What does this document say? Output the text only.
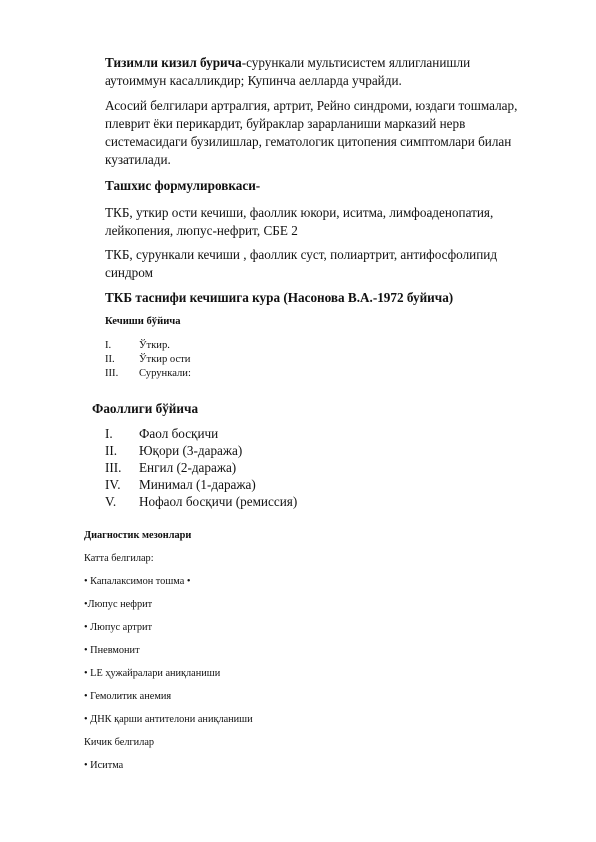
Тизимли кизил буричa-сурункали мультисистем яллигланишли
аутоиммун касалликдир; Купинча аелларда учрайди.
Асосий белгилари артралгия, артрит, Рейно синдроми, юздаги тошмалар,
плеврит ёки перикардит, буйраклар зарарланиши марказий нерв
системасидаги бузилишлар, гематологик цитопения симптомлари билан
кузатилади.
Ташхис формулировкаси-
ТКБ, уткир ости кечиши, фаоллик юкори, иситма, лимфоаденопатия,
лейкопения, люпус-нефрит, СБЕ 2
ТКБ, сурункали кечиши , фаоллик суст, полиартрит, антифосфолипид
синдром
ТКБ таснифи кечишига кура (Насонова В.А.-1972 буйича)
Кечиши бўйича
I.	Ўткир.
II. Ўткир ости
III. Сурункали:
Фаоллиги бўйича
I. Фаол босқичи
II. Юқори (3-даража)
III. Енгил (2-даража)
IV. Минимал (1-даража)
V. Нофаол босқичи (ремиссия)
Диагностик мезонлари
Катта белгилар:
• Капалаксимон тошма •
•Люпус нефрит
• Люпус артрит
• Пневмонит
• LE ҳужайралари аниқланиши
• Гемолитик анемия
• ДНК қарши антителони аниқланиши
Кичик белгилар
• Иситма
